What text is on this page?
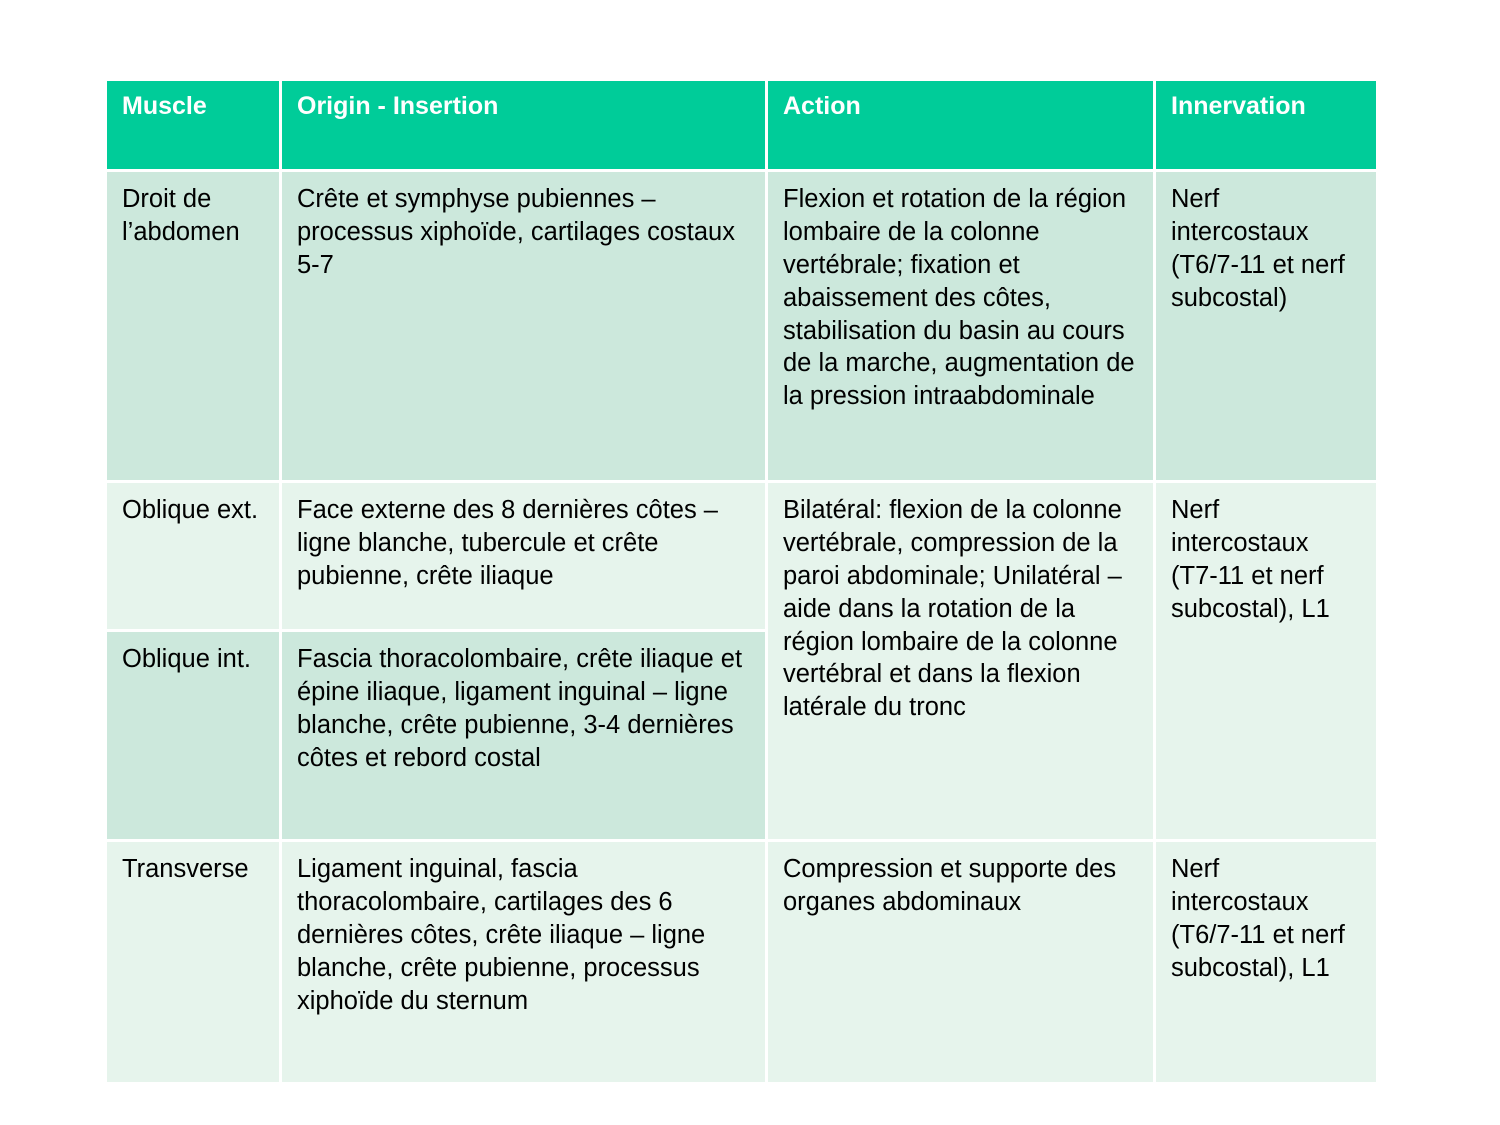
Muscle	Origin - Insertion	Action	Innervation
Droit de l’abdomen	Crête et symphyse pubiennes – processus xiphoïde, cartilages costaux 5-7	Flexion et rotation de la région lombaire de la colonne vertébrale; fixation et abaissement des côtes, stabilisation du basin au cours de la marche, augmentation de la pression intraabdominale	Nerf intercostaux (T6/7-11 et nerf subcostal)
Oblique ext.	Face externe des 8 dernières côtes – ligne blanche, tubercule et crête pubienne, crête iliaque	Bilatéral: flexion de la colonne vertébrale, compression de la paroi abdominale; Unilatéral – aide dans la rotation de la région lombaire de la colonne vertébral et dans la flexion latérale du tronc	Nerf intercostaux (T7-11 et nerf subcostal), L1
Oblique int.	Fascia thoracolombaire, crête iliaque et épine iliaque, ligament inguinal – ligne blanche, crête pubienne, 3-4 dernières côtes et rebord costal		
Transverse	Ligament inguinal, fascia thoracolombaire, cartilages des 6 dernières côtes, crête iliaque – ligne blanche, crête pubienne, processus xiphoïde du sternum	Compression et supporte des organes abdominaux	Nerf intercostaux (T6/7-11 et nerf subcostal), L1
